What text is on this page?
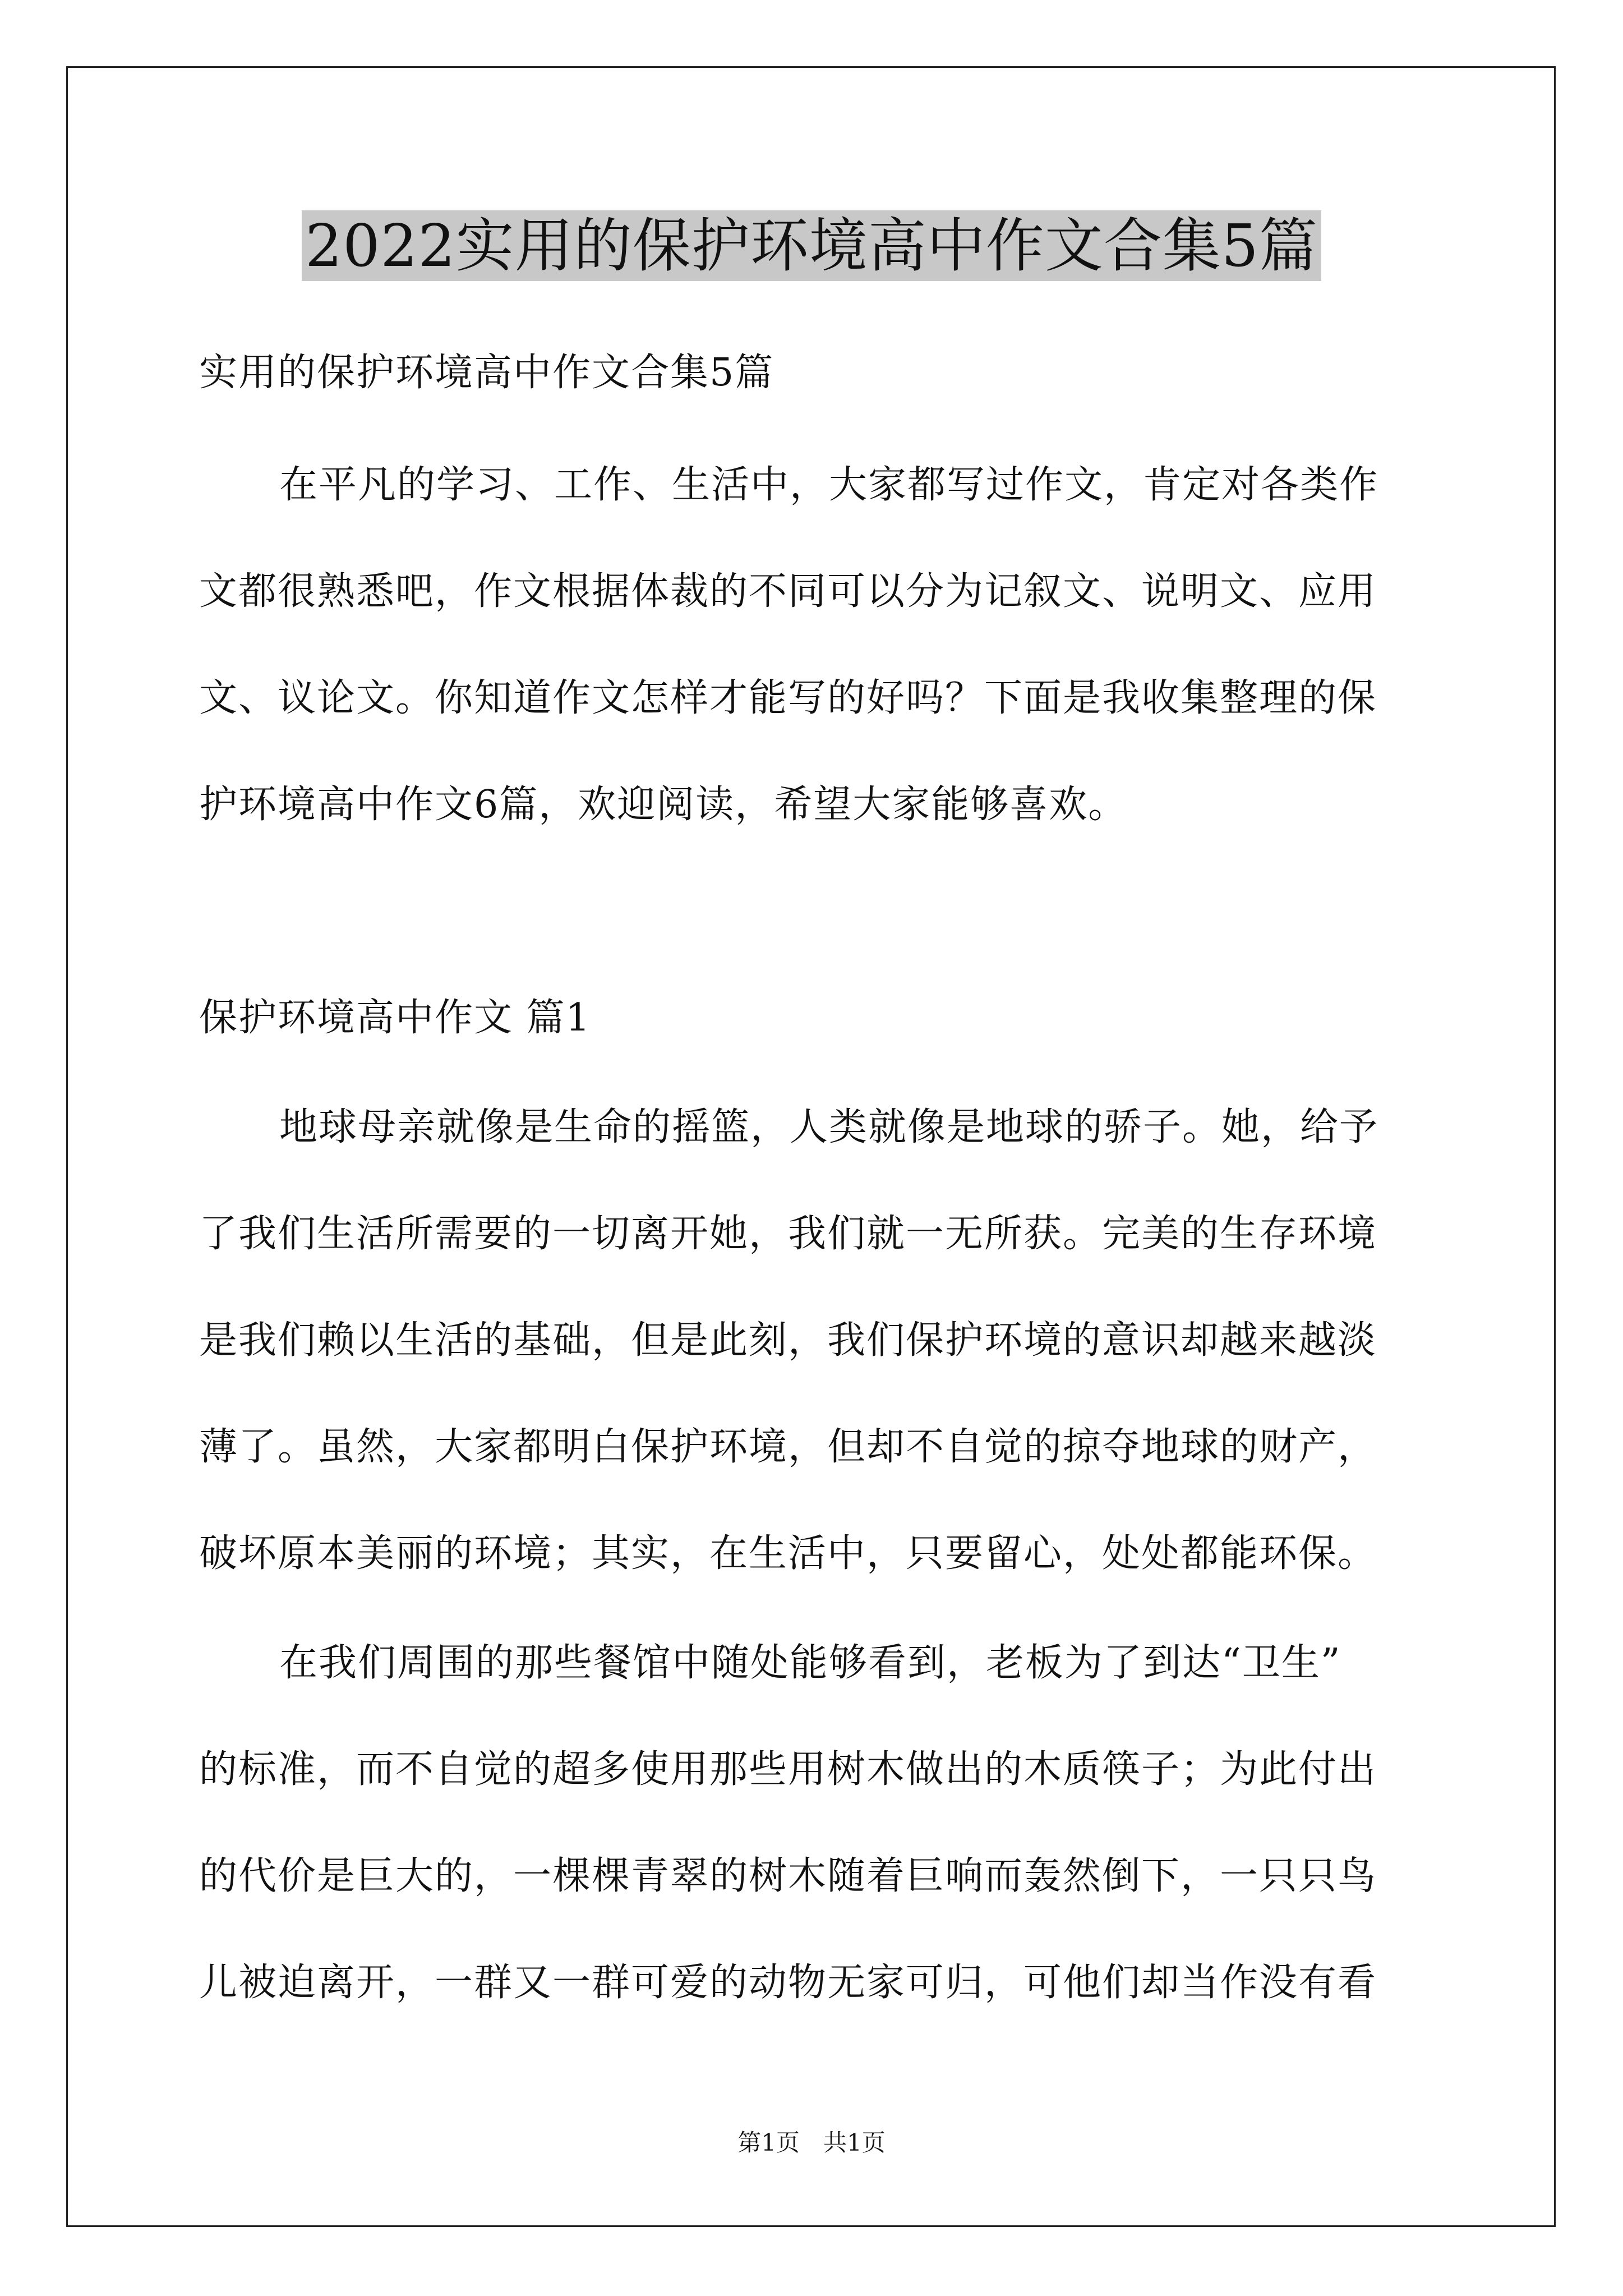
2022实用的保护环境高中作文合集5篇

实用的保护环境高中作文合集5篇

在平凡的学习、工作、生活中，大家都写过作文，肯定对各类作

文都很熟悉吧，作文根据体裁的不同可以分为记叙文、说明文、应用

文、议论文。你知道作文怎样才能写的好吗？下面是我收集整理的保

护环境高中作文6篇，欢迎阅读，希望大家能够喜欢。

保护环境高中作文 篇1

地球母亲就像是生命的摇篮，人类就像是地球的骄子。她，给予

了我们生活所需要的一切离开她，我们就一无所获。完美的生存环境

是我们赖以生活的基础，但是此刻，我们保护环境的意识却越来越淡

薄了。虽然，大家都明白保护环境，但却不自觉的掠夺地球的财产，

破坏原本美丽的环境；其实，在生活中，只要留心，处处都能环保。

在我们周围的那些餐馆中随处能够看到，老板为了到达“卫生”

的标准，而不自觉的超多使用那些用树木做出的木质筷子；为此付出

的代价是巨大的，一棵棵青翠的树木随着巨响而轰然倒下，一只只鸟

儿被迫离开，一群又一群可爱的动物无家可归，可他们却当作没有看

第1页　共1页
